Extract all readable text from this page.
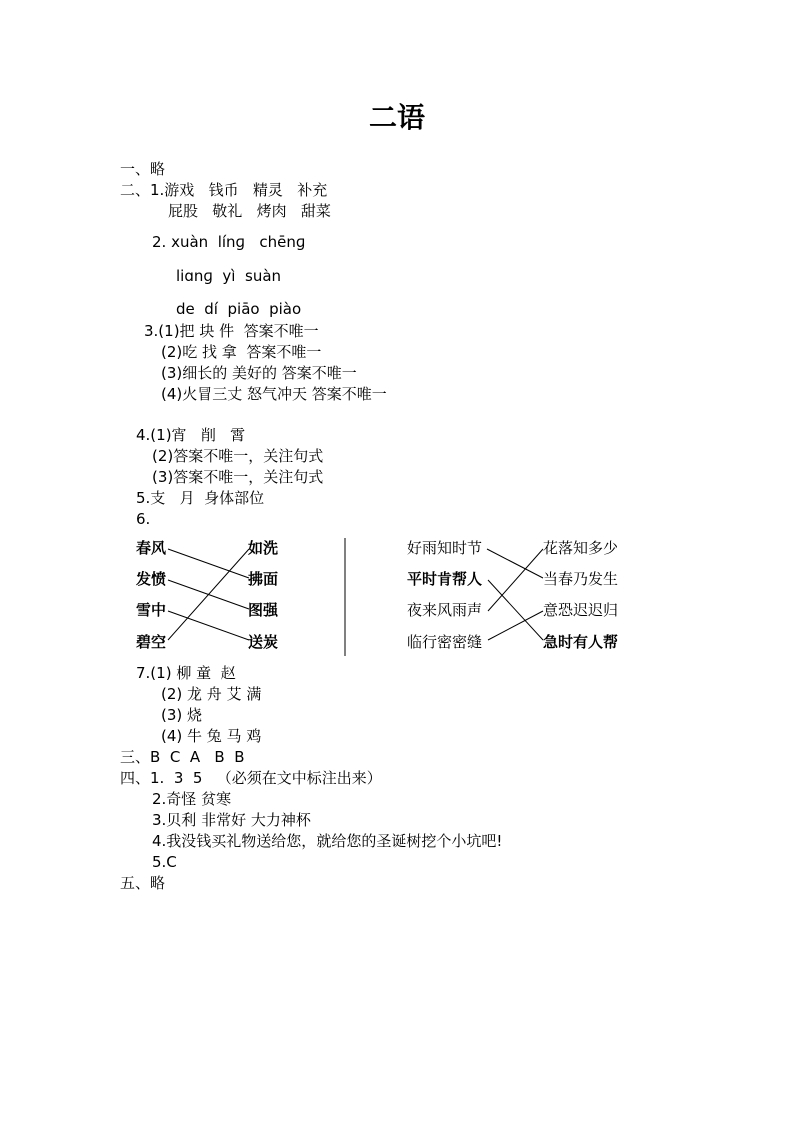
二语
一、略
二、1.游戏   钱币   精灵   补充
屁股   敬礼   烤肉   甜菜
2. xuàn  línɡ   chēnɡ
liɑnɡ  yì  suàn
de  dí  piāo  piào
3.(1)把 块 件  答案不唯一
(2)吃 找 拿  答案不唯一
(3)细长的 美好的 答案不唯一
(4)火冒三丈 怒气冲天 答案不唯一
4.(1)宵   削   霄
(2)答案不唯一，关注句式
(3)答案不唯一，关注句式
5.支   月  身体部位
6.
春风
发愤
雪中
碧空
如洗
拂面
图强
送炭
好雨知时节
平时肯帮人
夜来风雨声
临行密密缝
花落知多少
当春乃发生
意恐迟迟归
急时有人帮
7.(1) 柳 童  赵
(2) 龙 舟 艾 满
(3) 烧
(4) 牛 兔 马 鸡
三、B  C  A   B  B
四、1.  3  5   （必须在文中标注出来）
2.奇怪 贫寒
3.贝利 非常好 大力神杯
4.我没钱买礼物送给您，就给您的圣诞树挖个小坑吧!
5.C
五、略
